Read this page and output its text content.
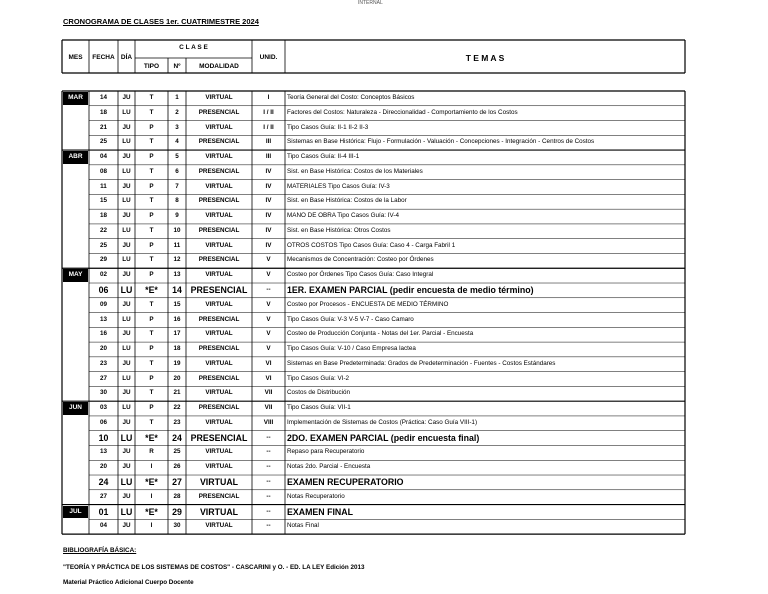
INTERNAL
CRONOGRAMA DE CLASES 1er. CUATRIMESTRE 2024
MES	FECHA DÍA
C L A S E
TIPO	Nº	MODALIDAD
UNID.	T E M A S
MAR	14	JU	T	1	VIRTUAL	I	Teoría General del Costo: Conceptos Básicos
18	LU	T	2	PRESENCIAL	I / II	Factores del Costos: Naturaleza - Direccionalidad - Comportamiento de los Costos
21	JU	P	3	VIRTUAL	I / II	Tipo Casos Guía: II-1 II-2 II-3
25	LU	T	4	PRESENCIAL	III	Sistemas en Base Histórica: Flujo - Formulación - Valuación - Concepciones - Integración - Centros de Costos
ABR	04	JU	P	5	VIRTUAL	III	Tipo Casos Guía: II-4 III-1
08	LU	T	6	PRESENCIAL	IV	Sist. en Base Histórica: Costos de los Materiales
11	JU	P	7	VIRTUAL	IV	MATERIALES Tipo Casos Guía: IV-3
15	LU	T	8	PRESENCIAL	IV	Sist. en Base Histórica: Costos de la Labor
18	JU	P	9	VIRTUAL	IV	MANO DE OBRA Tipo Casos Guía: IV-4
22	LU	T	10	PRESENCIAL	IV	Sist. en Base Histórica: Otros Costos
25	JU	P	11	VIRTUAL	IV	OTROS COSTOS Tipo Casos Guía: Caso 4 - Carga Fabril 1
29	LU	T	12	PRESENCIAL	V	Mecanismos de Concentración: Costeo por Órdenes
MAY	02	JU	P	13	VIRTUAL	V	Costeo por Órdenes Tipo Casos Guía: Caso Integral
06	LU	*E*	14 PRESENCIAL	--	1ER. EXAMEN PARCIAL (pedir encuesta de medio término)
09	JU	T	15	VIRTUAL	V	Costeo por Procesos - ENCUESTA DE MEDIO TÉRMINO
13	LU	P	16	PRESENCIAL	V	Tipo Casos Guía: V-3 V-5 V-7 - Caso Camaro
16	JU	T	17	VIRTUAL	V	Costeo de Producción Conjunta - Notas del 1er. Parcial - Encuesta
20	LU	P	18	PRESENCIAL	V	Tipo Casos Guía: V-10 / Caso Empresa lactea
23	JU	T	19	VIRTUAL	VI	Sistemas en Base Predeterminada: Grados de Predeterminación - Fuentes - Costos Estándares
27	LU	P	20	PRESENCIAL	VI	Tipo Casos Guía: VI-2
30	JU	T	21	VIRTUAL	VII	Costos de Distribución
JUN	03	LU	P	22	PRESENCIAL	VII	Tipo Casos Guía: VII-1
06	JU	T	23	VIRTUAL	VIII	Implementación de Sistemas de Costos (Práctica: Caso Guía VIII-1)
10	LU	*E*	24 PRESENCIAL	--	2DO. EXAMEN PARCIAL (pedir encuesta final)
13	JU	R	25	VIRTUAL	--	Repaso para Recuperatorio
20	JU	I	26	VIRTUAL	--	Notas 2do. Parcial - Encuesta
24	LU	*E*	27	VIRTUAL	--	EXAMEN RECUPERATORIO
27	JU	I	28	PRESENCIAL	--	Notas Recuperatorio
JUL	01	LU	*E*	29	VIRTUAL	--	EXAMEN FINAL
04	JU	I	30	VIRTUAL	--	Notas Final
BIBLIOGRAFÍA BÁSICA:
"TEORÍA Y PRÁCTICA DE LOS SISTEMAS DE COSTOS" - CASCARINI y O. - ED. LA LEY Edición 2013
Material Práctico Adicional Cuerpo Docente
